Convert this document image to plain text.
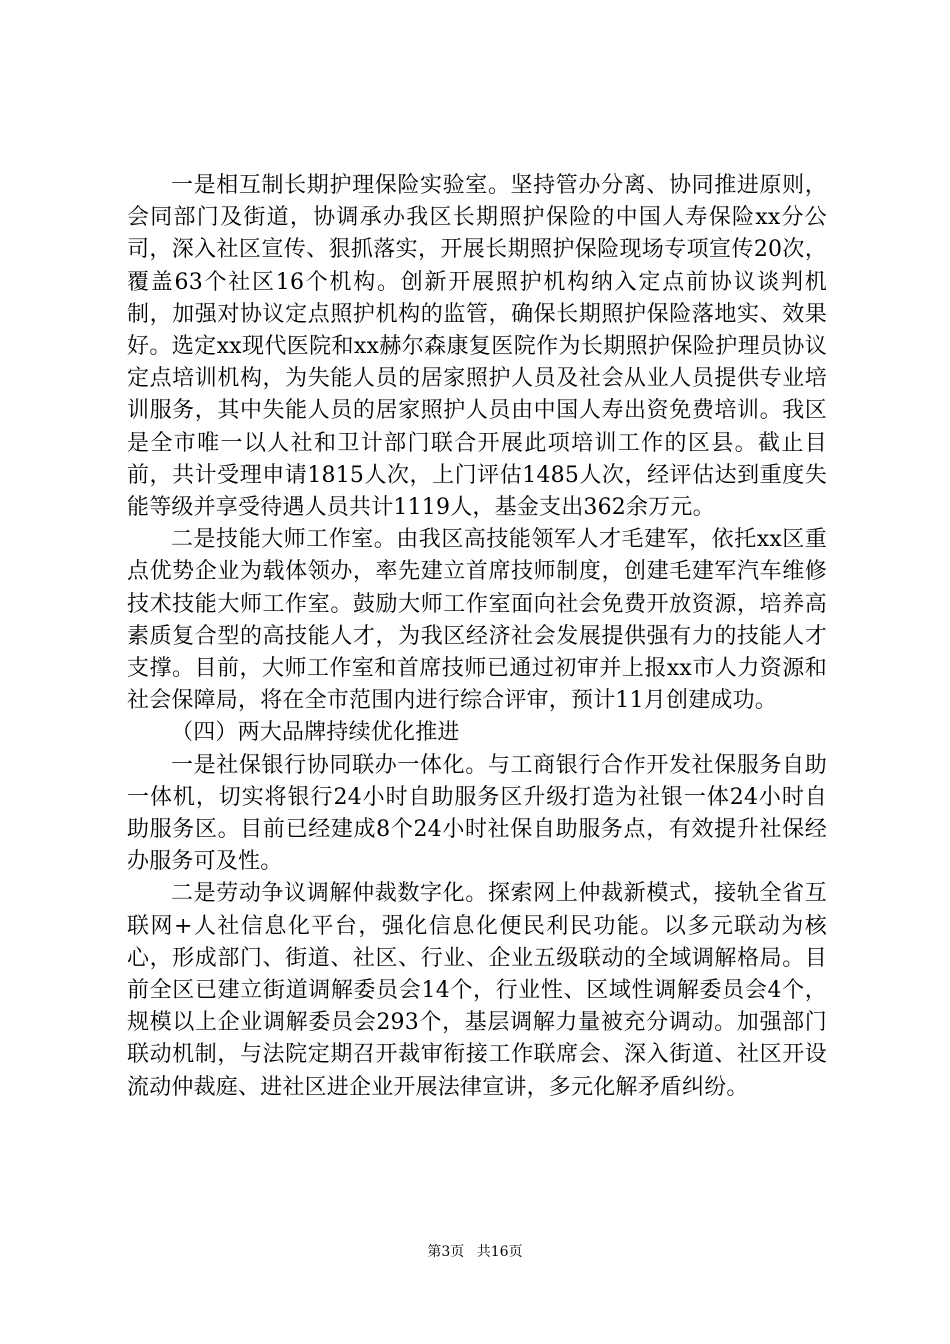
一是相互制长期护理保险实验室。坚持管办分离、协同推进原则，会同部门及街道，协调承办我区长期照护保险的中国人寿保险xx分公司，深入社区宣传、狠抓落实，开展长期照护保险现场专项宣传20次，覆盖63个社区16个机构。创新开展照护机构纳入定点前协议谈判机制，加强对协议定点照护机构的监管，确保长期照护保险落地实、效果好。选定xx现代医院和xx赫尔森康复医院作为长期照护保险护理员协议定点培训机构，为失能人员的居家照护人员及社会从业人员提供专业培训服务，其中失能人员的居家照护人员由中国人寿出资免费培训。我区是全市唯一以人社和卫计部门联合开展此项培训工作的区县。截止目前，共计受理申请1815人次，上门评估1485人次，经评估达到重度失能等级并享受待遇人员共计1119人，基金支出362余万元。

二是技能大师工作室。由我区高技能领军人才毛建军，依托xx区重点优势企业为载体领办，率先建立首席技师制度，创建毛建军汽车维修技术技能大师工作室。鼓励大师工作室面向社会免费开放资源，培养高素质复合型的高技能人才，为我区经济社会发展提供强有力的技能人才支撑。目前，大师工作室和首席技师已通过初审并上报xx市人力资源和社会保障局，将在全市范围内进行综合评审，预计11月创建成功。

（四）两大品牌持续优化推进

一是社保银行协同联办一体化。与工商银行合作开发社保服务自助一体机，切实将银行24小时自助服务区升级打造为社银一体24小时自助服务区。目前已经建成8个24小时社保自助服务点，有效提升社保经办服务可及性。

二是劳动争议调解仲裁数字化。探索网上仲裁新模式，接轨全省互联网+人社信息化平台，强化信息化便民利民功能。以多元联动为核心，形成部门、街道、社区、行业、企业五级联动的全域调解格局。目前全区已建立街道调解委员会14个，行业性、区域性调解委员会4个，规模以上企业调解委员会293个，基层调解力量被充分调动。加强部门联动机制，与法院定期召开裁审衔接工作联席会、深入街道、社区开设流动仲裁庭、进社区进企业开展法律宣讲，多元化解矛盾纠纷。

第3页 共16页
